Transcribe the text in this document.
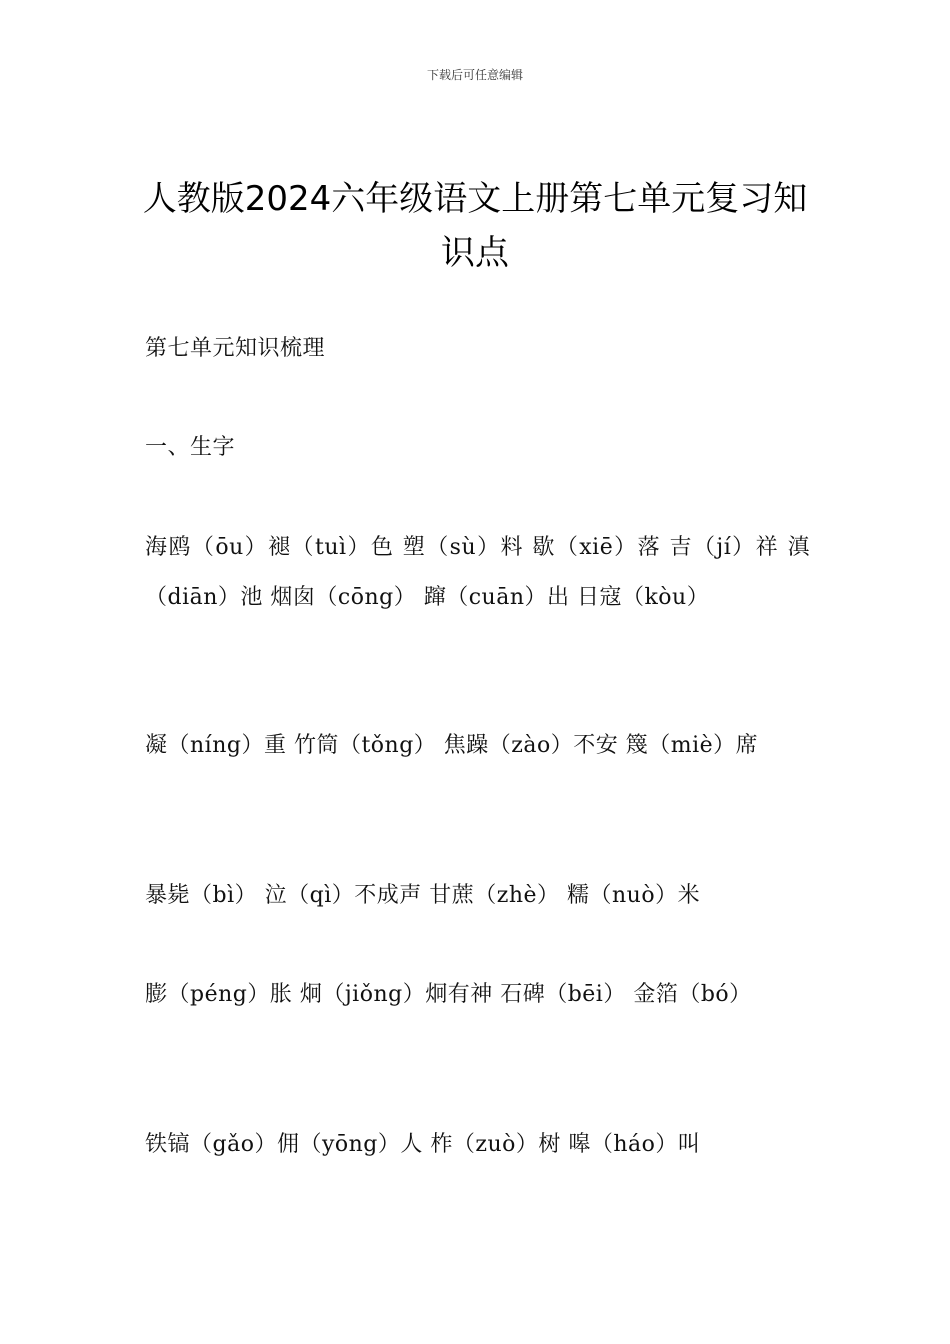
下载后可任意编辑
人教版2024六年级语文上册第七单元复习知识点

第七单元知识梳理

一、生字

海鸥（ōu）褪（tuì）色 塑（sù）料 歇（xiē）落 吉（jí）祥 滇（diān）池 烟囱（cōng） 蹿（cuān）出 日寇（kòu）

凝（níng）重 竹筒（tǒng） 焦躁（zào）不安 篾（miè）席

暴毙（bì） 泣（qì）不成声 甘蔗（zhè） 糯（nuò）米

膨（péng）胀 炯（jiǒng）炯有神 石碑（bēi） 金箔（bó）

铁镐（gǎo）佣（yōng）人 柞（zuò）树 嗥（háo）叫
